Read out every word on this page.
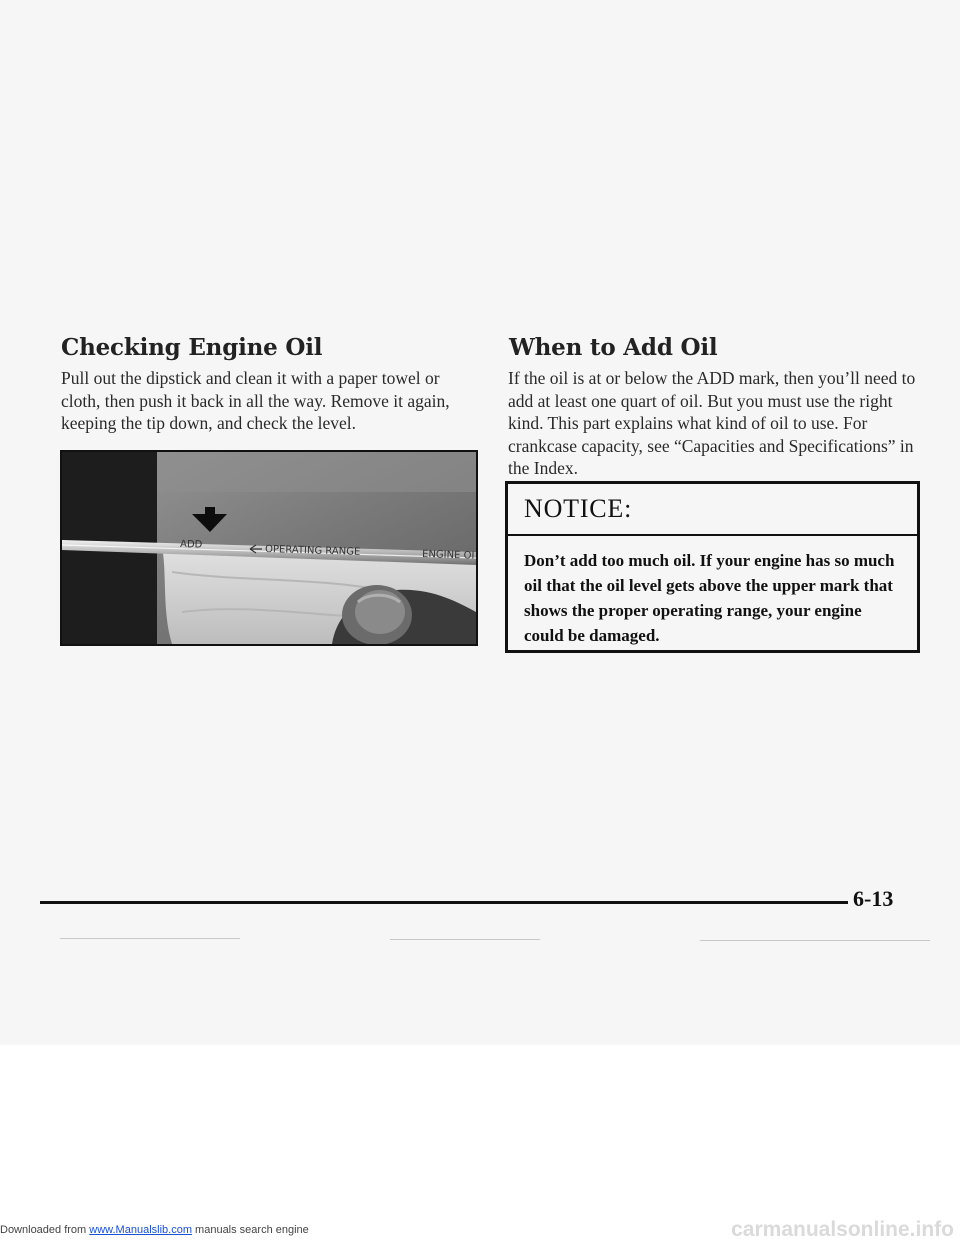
Checking Engine Oil

Pull out the dipstick and clean it with a paper towel or cloth, then push it back in all the way. Remove it again, keeping the tip down, and check the level.

ADD	OPERATING RANGE	ENGINE OI
When to Add Oil

If the oil is at or below the ADD mark, then you’ll need to add at least one quart of oil. But you must use the right kind. This part explains what kind of oil to use. For crankcase capacity, see “Capacities and Specifications” in the Index.

NOTICE:
Don’t add too much oil. If your engine has so much oil that the oil level gets above the upper mark that shows the proper operating range, your engine could be damaged.
6-13
Downloaded from www.Manualslib.com manuals search engine	carmanualsonline.info
